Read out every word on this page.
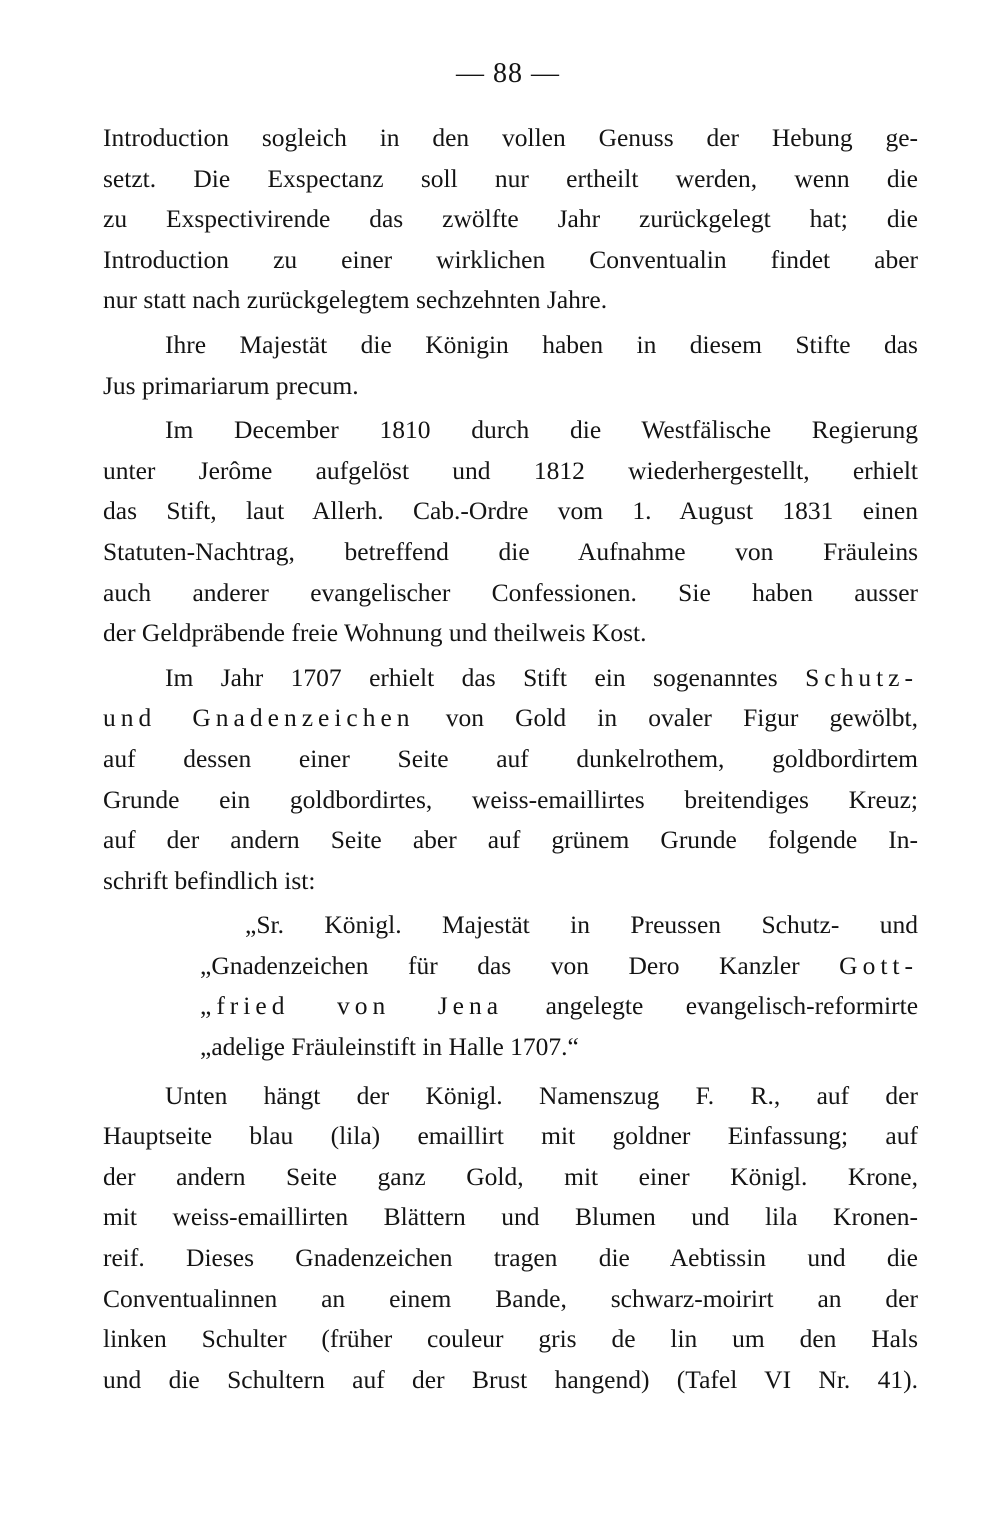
— 88 —
Introduction sogleich in den vollen Genuss der Hebung ge-
setzt. Die Exspectanz soll nur ertheilt werden, wenn die
zu Exspectivirende das zwölfte Jahr zurückgelegt hat; die
Introduction zu einer wirklichen Conventualin findet aber
nur statt nach zurückgelegtem sechzehnten Jahre.
Ihre Majestät die Königin haben in diesem Stifte das
Jus primariarum precum.
Im December 1810 durch die Westfälische Regierung
unter Jerôme aufgelöst und 1812 wiederhergestellt, erhielt
das Stift, laut Allerh. Cab.-Ordre vom 1. August 1831 einen
Statuten-Nachtrag, betreffend die Aufnahme von Fräuleins
auch anderer evangelischer Confessionen. Sie haben ausser
der Geldpräbende freie Wohnung und theilweis Kost.
Im Jahr 1707 erhielt das Stift ein sogenanntes Schutz-
und Gnadenzeichen von Gold in ovaler Figur gewölbt,
auf dessen einer Seite auf dunkelrothem, goldbordirtem
Grunde ein goldbordirtes, weiss-emaillirtes breitendiges Kreuz;
auf der andern Seite aber auf grünem Grunde folgende In-
schrift befindlich ist:
„Sr. Königl. Majestät in Preussen Schutz- und
„Gnadenzeichen für das von Dero Kanzler Gott-
„fried von Jena angelegte evangelisch-reformirte
„adelige Fräuleinstift in Halle 1707.“
Unten hängt der Königl. Namenszug F. R., auf der
Hauptseite blau (lila) emaillirt mit goldner Einfassung; auf
der andern Seite ganz Gold, mit einer Königl. Krone,
mit weiss-emaillirten Blättern und Blumen und lila Kronen-
reif. Dieses Gnadenzeichen tragen die Aebtissin und die
Conventualinnen an einem Bande, schwarz-moirirt an der
linken Schulter (früher couleur gris de lin um den Hals
und die Schultern auf der Brust hangend) (Tafel VI Nr. 41).
